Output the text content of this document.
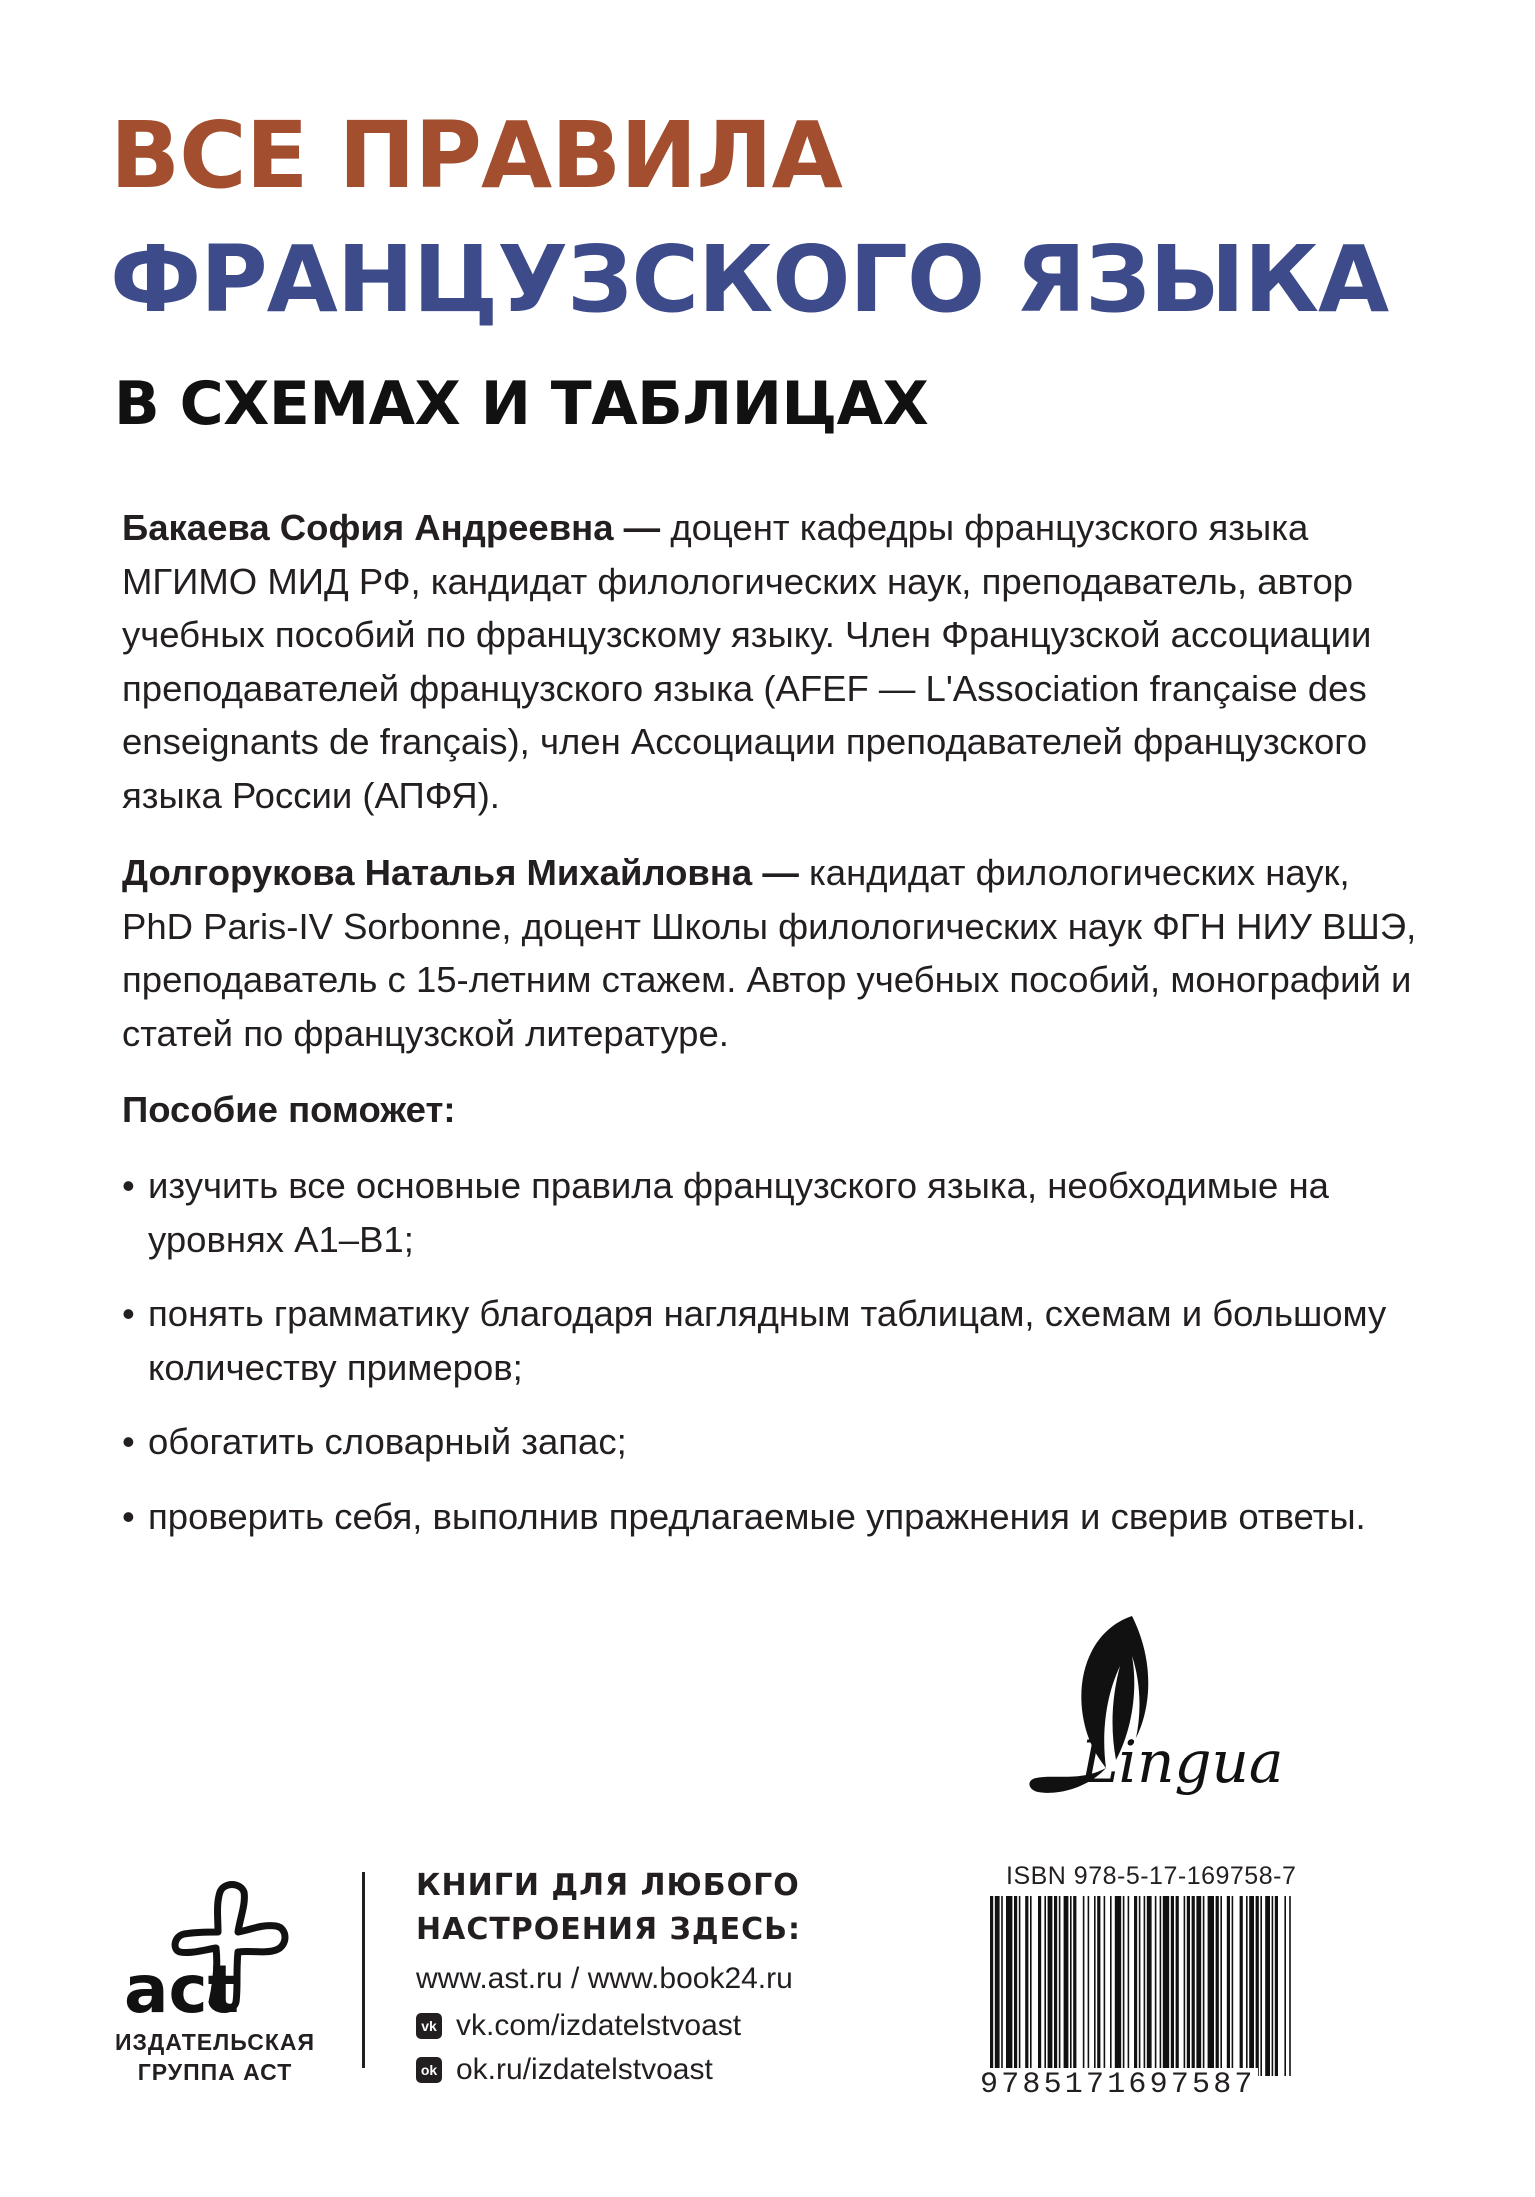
ВСЕ ПРАВИЛА
ФРАНЦУЗСКОГО ЯЗЫКА
В СХЕМАХ И ТАБЛИЦАХ

Бакаева София Андреевна — доцент кафедры французского языка МГИМО МИД РФ, кандидат филологических наук, преподаватель, автор учебных пособий по французскому языку. Член Французской ассоциации преподавателей французского языка (AFEF — L'Association française des enseignants de français), член Ассоциации преподавателей французского языка России (АПФЯ).

Долгорукова Наталья Михайловна — кандидат филологических наук, PhD Paris-IV Sorbonne, доцент Школы филологических наук ФГН НИУ ВШЭ, преподаватель с 15-летним стажем. Автор учебных пособий, монографий и статей по французской литературе.

Пособие поможет:

• изучить все основные правила французского языка, необходимые на уровнях A1–B1;
• понять грамматику благодаря наглядным таблицам, схемам и большому количеству примеров;
• обогатить словарный запас;
• проверить себя, выполнив предлагаемые упражнения и сверив ответы.
Lingua
act

ИЗДАТЕЛЬСКАЯ

ГРУППА АСТ

КНИГИ ДЛЯ ЛЮБОГО

НАСТРОЕНИЯ ЗДЕСЬ:

www.ast.ru / www.book24.ru

vk vk.com/izdatelstvoast

ok ok.ru/izdatelstvoast

ISBN 978-5-17-169758-7

9785171697587
